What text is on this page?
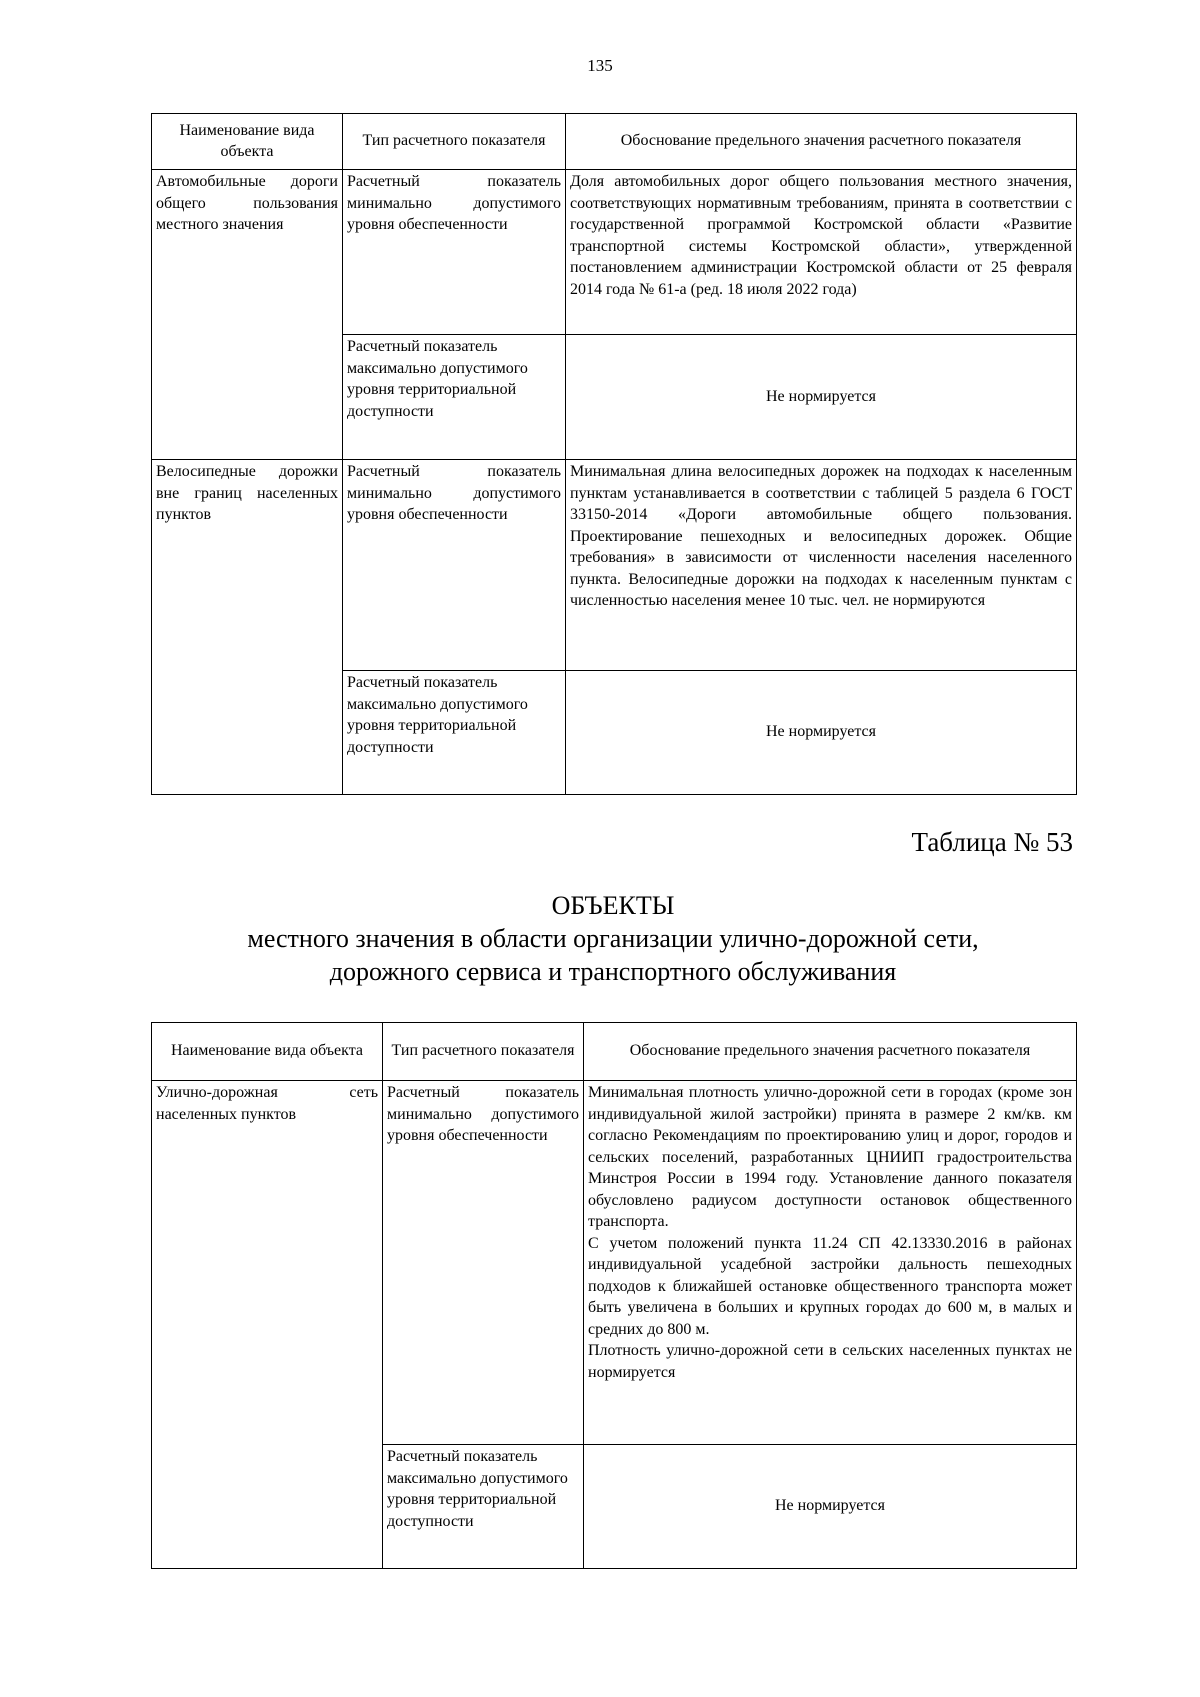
135
Наименование вида объекта	Тип расчетного показателя	Обоснование предельного значения расчетного показателя
Автомобильные дороги общего пользования местного значения	Расчетный показатель минимально допустимого уровня обеспеченности	Доля автомобильных дорог общего пользования местного значения, соответствующих нормативным требованиям, принята в соответствии с государственной программой Костромской области «Развитие транспортной системы Костромской области», утвержденной постановлением администрации Костромской области от 25 февраля 2014 года № 61-а (ред. 18 июля 2022 года)
	Расчетный показатель максимально допустимого уровня территориальной доступности	Не нормируется
Велосипедные дорожки вне границ населенных пунктов	Расчетный показатель минимально допустимого уровня обеспеченности	Минимальная длина велосипедных дорожек на подходах к населенным пунктам устанавливается в соответствии с таблицей 5 раздела 6 ГОСТ 33150-2014 «Дороги автомобильные общего пользования. Проектирование пешеходных и велосипедных дорожек. Общие требования» в зависимости от численности населения населенного пункта. Велосипедные дорожки на подходах к населенным пунктам с численностью населения менее 10 тыс. чел. не нормируются
	Расчетный показатель максимально допустимого уровня территориальной доступности	Не нормируется
Таблица № 53
ОБЪЕКТЫ
местного значения в области организации улично-дорожной сети,
дорожного сервиса и транспортного обслуживания
Наименование вида объекта	Тип расчетного показателя	Обоснование предельного значения расчетного показателя
Улично-дорожная сеть населенных пунктов	Расчетный показатель минимально допустимого уровня обеспеченности	Минимальная плотность улично-дорожной сети в городах (кроме зон индивидуальной жилой застройки) принята в размере 2 км/кв. км согласно Рекомендациям по проектированию улиц и дорог, городов и сельских поселений, разработанных ЦНИИП градостроительства Минстроя России в 1994 году. Установление данного показателя обусловлено радиусом доступности остановок общественного транспорта.
С учетом положений пункта 11.24 СП 42.13330.2016 в районах индивидуальной усадебной застройки дальность пешеходных подходов к ближайшей остановке общественного транспорта может быть увеличена в больших и крупных городах до 600 м, в малых и средних до 800 м.
Плотность улично-дорожной сети в сельских населенных пунктах не нормируется

	Расчетный показатель максимально допустимого уровня территориальной доступности	Не нормируется
